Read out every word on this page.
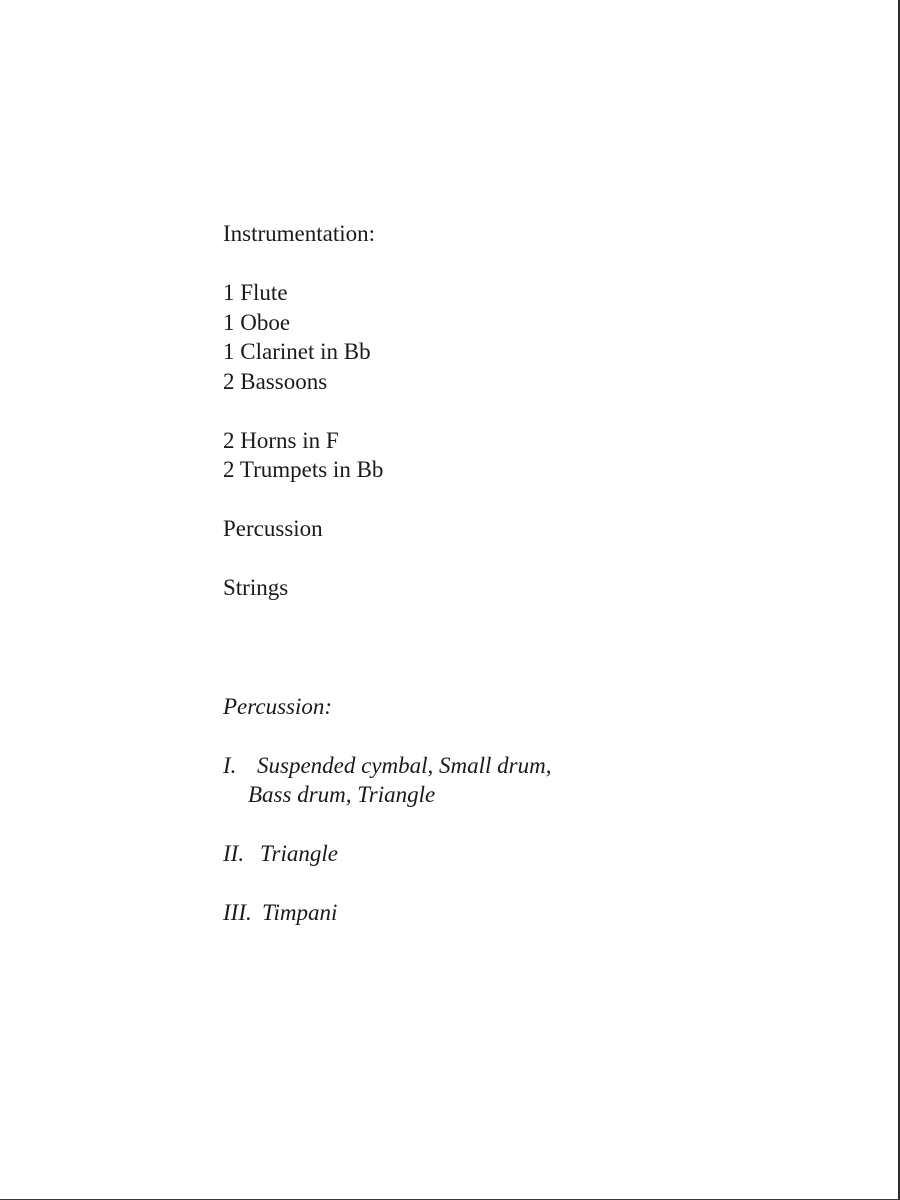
Instrumentation:
1 Flute
1 Oboe
1 Clarinet in Bb
2 Bassoons
2 Horns in F
2 Trumpets in Bb
Percussion
Strings
Percussion:
I. Suspended cymbal, Small drum,
Bass drum, Triangle
II. Triangle
III. Timpani
